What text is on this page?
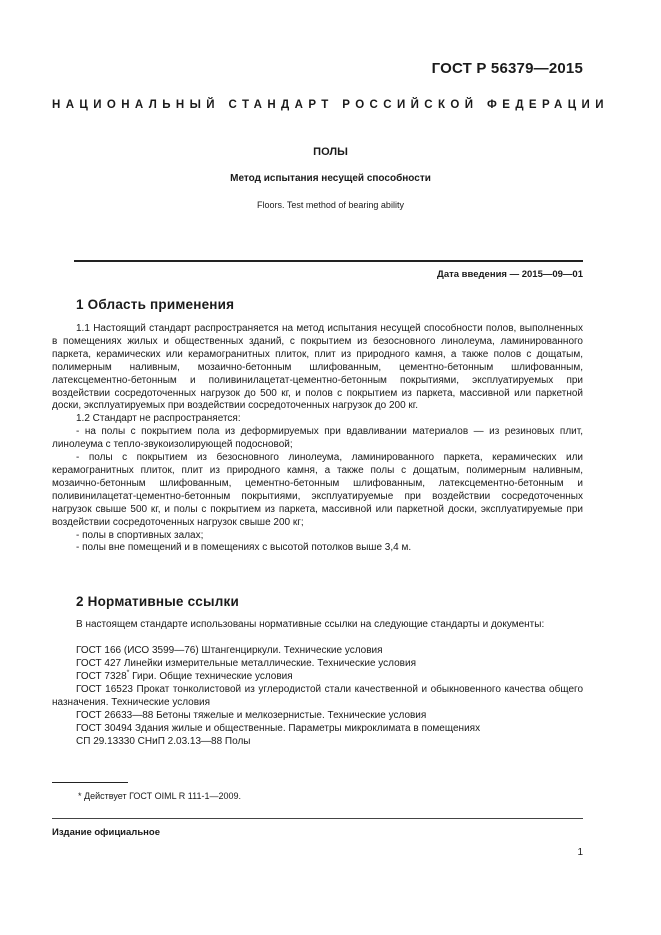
ГОСТ Р 56379—2015
НАЦИОНАЛЬНЫЙ СТАНДАРТ РОССИЙСКОЙ ФЕДЕРАЦИИ
ПОЛЫ
Метод испытания несущей способности
Floors. Test method of bearing ability
Дата введения — 2015—09—01
1 Область применения

1.1 Настоящий стандарт распространяется на метод испытания несущей способности полов, выполненных в помещениях жилых и общественных зданий, с покрытием из безосновного линолеума, ламинированного паркета, керамических или керамогранитных плиток, плит из природного камня, а также полов с дощатым, полимерным наливным, мозаично-бетонным шлифованным, цементно-бетонным шлифованным, латексцементно-бетонным и поливинилацетат-цементно-бетонным покрытиями, эксплуатируемых при воздействии сосредоточенных нагрузок до 500 кг, и полов с покрытием из паркета, массивной или паркетной доски, эксплуатируемых при воздействии сосредоточенных нагрузок до 200 кг.

1.2 Стандарт не распространяется:

- на полы с покрытием пола из деформируемых при вдавливании материалов — из резиновых плит, линолеума с тепло-звукоизолирующей подосновой;

- полы с покрытием из безосновного линолеума, ламинированного паркета, керамических или керамогранитных плиток, плит из природного камня, а также полы с дощатым, полимерным наливным, мозаично-бетонным шлифованным, цементно-бетонным шлифованным, латексцементно-бетонным и поливинилацетат-цементно-бетонным покрытиями, эксплуатируемые при воздействии сосредоточенных нагрузок свыше 500 кг, и полы с покрытием из паркета, массивной или паркетной доски, эксплуатируемые при воздействии сосредоточенных нагрузок свыше 200 кг;

- полы в спортивных залах;

- полы вне помещений и в помещениях с высотой потолков выше 3,4 м.

2 Нормативные ссылки

В настоящем стандарте использованы нормативные ссылки на следующие стандарты и документы:

ГОСТ 166 (ИСО 3599—76) Штангенциркули. Технические условия
ГОСТ 427 Линейки измерительные металлические. Технические условия
ГОСТ 7328* Гири. Общие технические условия

ГОСТ 16523 Прокат тонколистовой из углеродистой стали качественной и обыкновенного качества общего назначения. Технические условия

ГОСТ 26633—88 Бетоны тяжелые и мелкозернистые. Технические условия
ГОСТ 30494 Здания жилые и общественные. Параметры микроклимата в помещениях
СП 29.13330 СНиП 2.03.13—88 Полы
* Действует ГОСТ OIML R 111-1—2009.
Издание официальное
1
